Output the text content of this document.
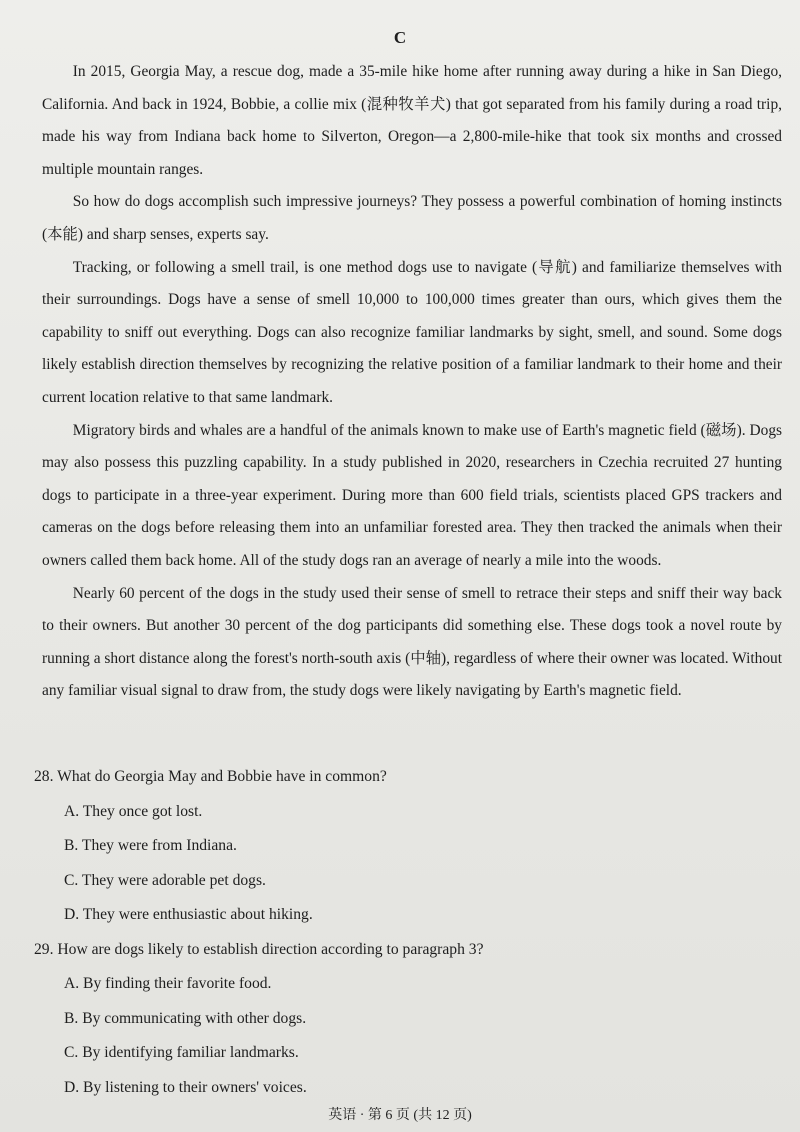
C

In 2015, Georgia May, a rescue dog, made a 35-mile hike home after running away during a hike in San Diego, California. And back in 1924, Bobbie, a collie mix (混种牧羊犬) that got separated from his family during a road trip, made his way from Indiana back home to Silverton, Oregon—a 2,800-mile-hike that took six months and crossed multiple mountain ranges.

So how do dogs accomplish such impressive journeys? They possess a powerful combination of homing instincts (本能) and sharp senses, experts say.

Tracking, or following a smell trail, is one method dogs use to navigate (导航) and familiarize themselves with their surroundings. Dogs have a sense of smell 10,000 to 100,000 times greater than ours, which gives them the capability to sniff out everything. Dogs can also recognize familiar landmarks by sight, smell, and sound. Some dogs likely establish direction themselves by recognizing the relative position of a familiar landmark to their home and their current location relative to that same landmark.

Migratory birds and whales are a handful of the animals known to make use of Earth's magnetic field (磁场). Dogs may also possess this puzzling capability. In a study published in 2020, researchers in Czechia recruited 27 hunting dogs to participate in a three-year experiment. During more than 600 field trials, scientists placed GPS trackers and cameras on the dogs before releasing them into an unfamiliar forested area. They then tracked the animals when their owners called them back home. All of the study dogs ran an average of nearly a mile into the woods.

Nearly 60 percent of the dogs in the study used their sense of smell to retrace their steps and sniff their way back to their owners. But another 30 percent of the dog participants did something else. These dogs took a novel route by running a short distance along the forest's north-south axis (中轴), regardless of where their owner was located. Without any familiar visual signal to draw from, the study dogs were likely navigating by Earth's magnetic field.

28. What do Georgia May and Bobbie have in common?

A. They once got lost.

B. They were from Indiana.

C. They were adorable pet dogs.

D. They were enthusiastic about hiking.

29. How are dogs likely to establish direction according to paragraph 3?

A. By finding their favorite food.

B. By communicating with other dogs.

C. By identifying familiar landmarks.

D. By listening to their owners' voices.

英语 · 第 6 页 (共 12 页)
